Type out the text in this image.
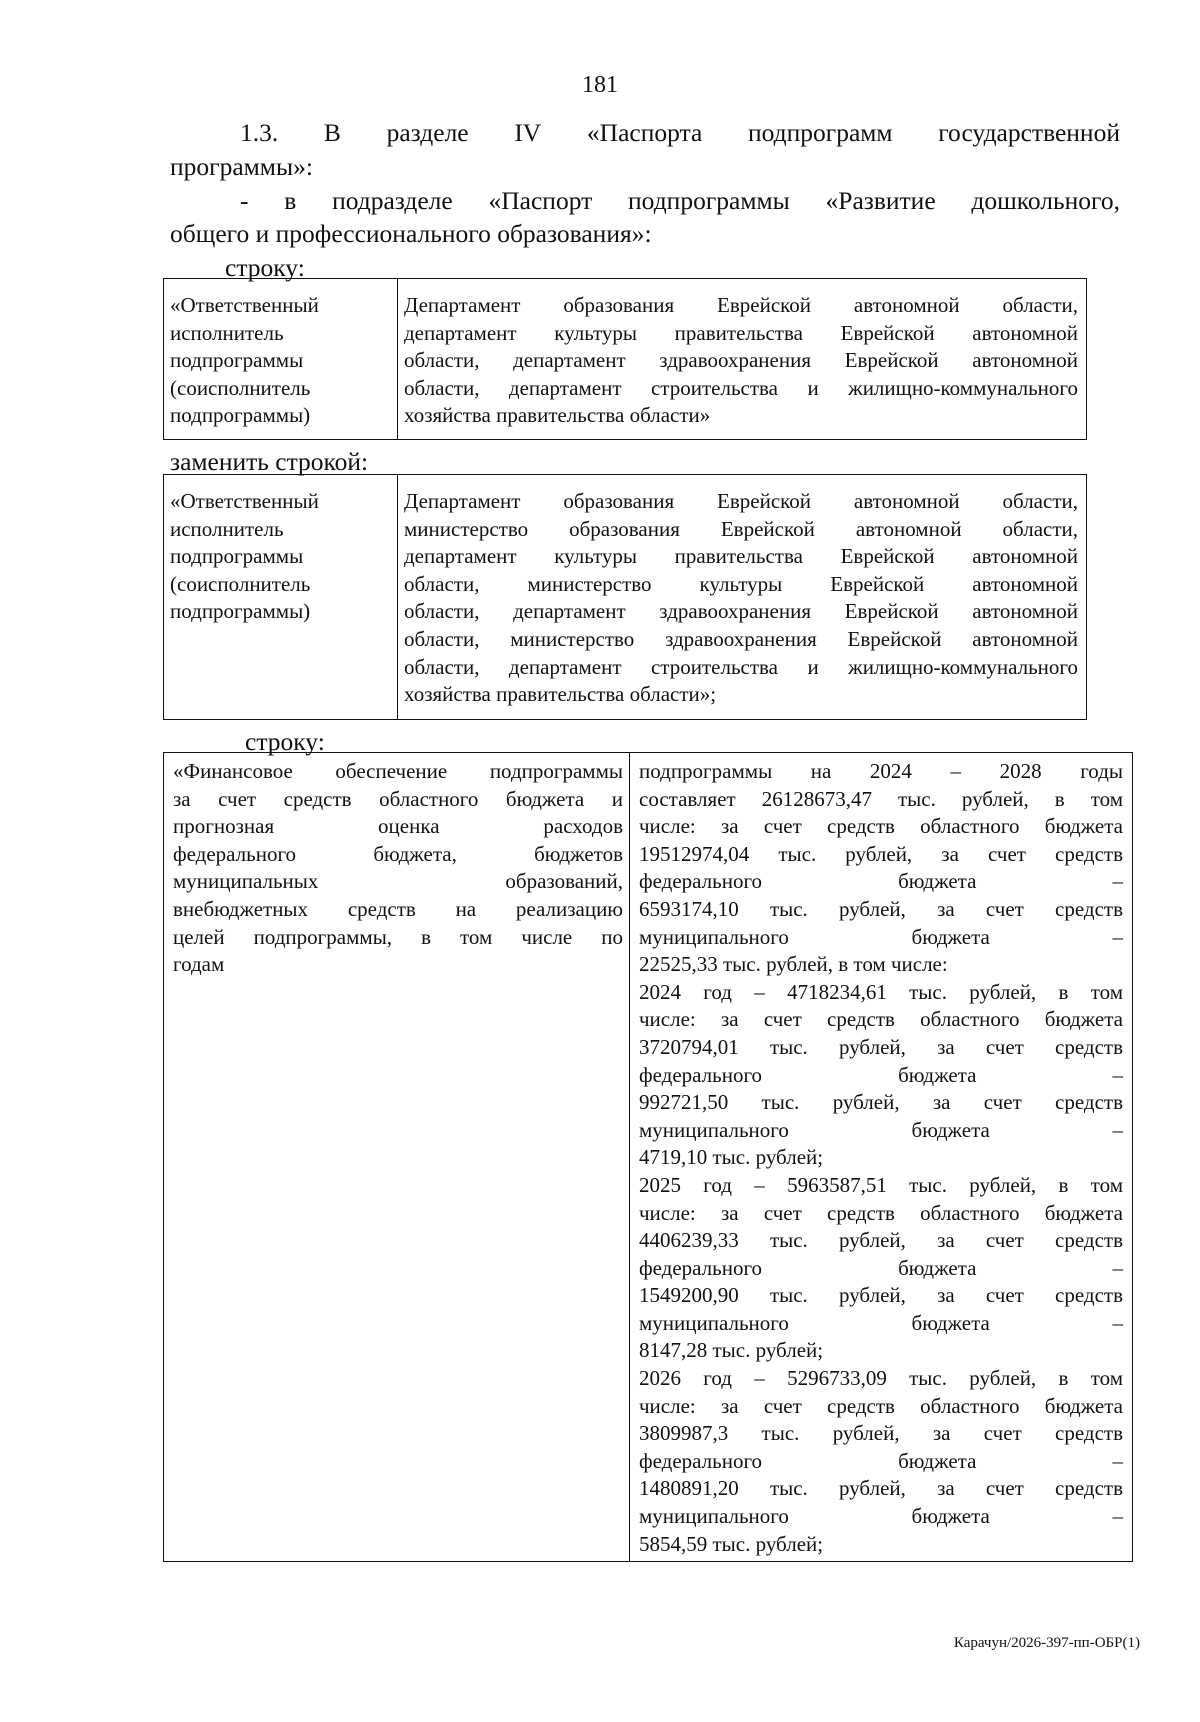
181
1.3. В разделе IV «Паспорта подпрограмм государственной
программы»:
- в подразделе «Паспорт подпрограммы «Развитие дошкольного,
общего и профессионального образования»:
строку:
«Ответственный
исполнитель
подпрограммы
(соисполнитель
подпрограммы)
Департамент образования Еврейской автономной области,
департамент культуры правительства Еврейской автономной
области, департамент здравоохранения Еврейской автономной
области, департамент строительства и жилищно-коммунального
хозяйства правительства области»
заменить строкой:
«Ответственный
исполнитель
подпрограммы
(соисполнитель
подпрограммы)
Департамент образования Еврейской автономной области,
министерство образования Еврейской автономной области,
департамент культуры правительства Еврейской автономной
области, министерство культуры Еврейской автономной
области, департамент здравоохранения Еврейской автономной
области, министерство здравоохранения Еврейской автономной
области, департамент строительства и жилищно-коммунального
хозяйства правительства области»;
строку:
«Финансовое обеспечение подпрограммы
за счет средств областного бюджета и
прогнозная оценка расходов
федерального бюджета, бюджетов
муниципальных образований,
внебюджетных средств на реализацию
целей подпрограммы, в том числе по
годам
подпрограммы на 2024 – 2028 годы
составляет 26128673,47 тыс. рублей, в том
числе: за счет средств областного бюджета
19512974,04 тыс. рублей, за счет средств
федерального бюджета –
6593174,10 тыс. рублей, за счет средств
муниципального бюджета –
22525,33 тыс. рублей, в том числе:
2024 год – 4718234,61 тыс. рублей, в том
числе: за счет средств областного бюджета
3720794,01 тыс. рублей, за счет средств
федерального бюджета –
992721,50 тыс. рублей, за счет средств
муниципального бюджета –
4719,10 тыс. рублей;
2025 год – 5963587,51 тыс. рублей, в том
числе: за счет средств областного бюджета
4406239,33 тыс. рублей, за счет средств
федерального бюджета –
1549200,90 тыс. рублей, за счет средств
муниципального бюджета –
8147,28 тыс. рублей;
2026 год – 5296733,09 тыс. рублей, в том
числе: за счет средств областного бюджета
3809987,3 тыс. рублей, за счет средств
федерального бюджета –
1480891,20 тыс. рублей, за счет средств
муниципального бюджета –
5854,59 тыс. рублей;
Карачун/2026-397-пп-ОБР(1)
